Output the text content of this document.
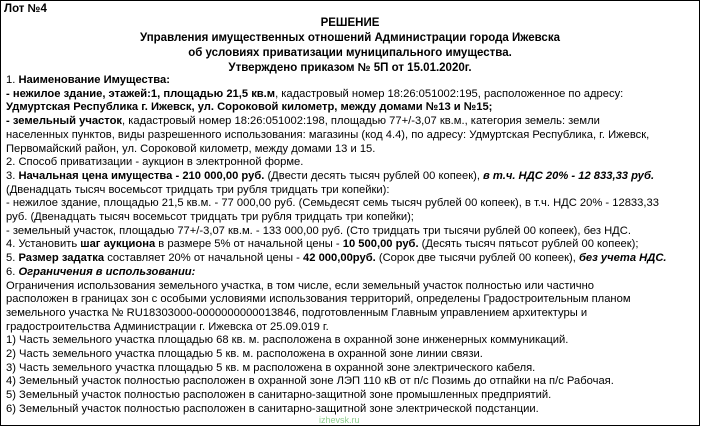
Лот №4
РЕШЕНИЕ
Управления имущественных отношений Администрации города Ижевска
об условиях приватизации муниципального имущества.
Утверждено приказом № 5П от 15.01.2020г.
1. Наименование Имущества:
- нежилое здание, этажей:1, площадью 21,5 кв.м, кадастровый номер 18:26:051002:195, расположенное по адресу:
Удмуртская Республика г. Ижевск, ул. Сороковой километр, между домами №13 и №15;
- земельный участок, кадастровый номер 18:26:051002:198, площадью 77+/-3,07 кв.м., категория земель: земли
населенных пунктов, виды разрешенного использования: магазины (код 4.4), по адресу: Удмуртская Республика, г. Ижевск,
Первомайский район, ул. Сороковой километр, между домами 13 и 15.
2. Способ приватизации - аукцион в электронной форме.
3. Начальная цена имущества - 210 000,00 руб. (Двести десять тысяч рублей 00 копеек), в т.ч. НДС 20% - 12 833,33 руб.
(Двенадцать тысяч восемьсот тридцать три рубля тридцать три копейки):
- нежилое здание, площадью 21,5 кв.м. - 77 000,00 руб. (Семьдесят семь тысяч рублей 00 копеек), в т.ч. НДС 20% - 12833,33
руб. (Двенадцать тысяч восемьсот тридцать три рубля тридцать три копейки);
- земельный участок, площадью 77+/-3,07 кв.м. - 133 000,00 руб. (Сто тридцать три тысячи рублей 00 копеек), без НДС.
4. Установить шаг аукциона в размере 5% от начальной цены - 10 500,00 руб. (Десять тысяч пятьсот рублей 00 копеек);
5. Размер задатка составляет 20% от начальной цены - 42 000,00руб. (Сорок две тысячи рублей 00 копеек), без учета НДС.
6. Ограничения в использовании:
Ограничения использования земельного участка, в том числе, если земельный участок полностью или частично
расположен в границах зон с особыми условиями использования территорий, определены Градостроительным планом
земельного участка № RU18303000-0000000000013846, подготовленным Главным управлением архитектуры и
градостроительства Администрации г. Ижевска от 25.09.019 г.
1) Часть земельного участка площадью 68 кв. м. расположена в охранной зоне инженерных коммуникаций.
2) Часть земельного участка площадью 5 кв. м. расположена в охранной зоне линии связи.
3) Часть земельного участка площадью 5 кв. м расположена в охранной зоне электрического кабеля.
4) Земельный участок полностью расположен в охранной зоне ЛЭП 110 кВ от п/с Позимь до отпайки на п/с Рабочая.
5) Земельный участок полностью расположен в санитарно-защитной зоне промышленных предприятий.
6) Земельный участок полностью расположен в санитарно-защитной зоне электрической подстанции.
izhevsk.ru
